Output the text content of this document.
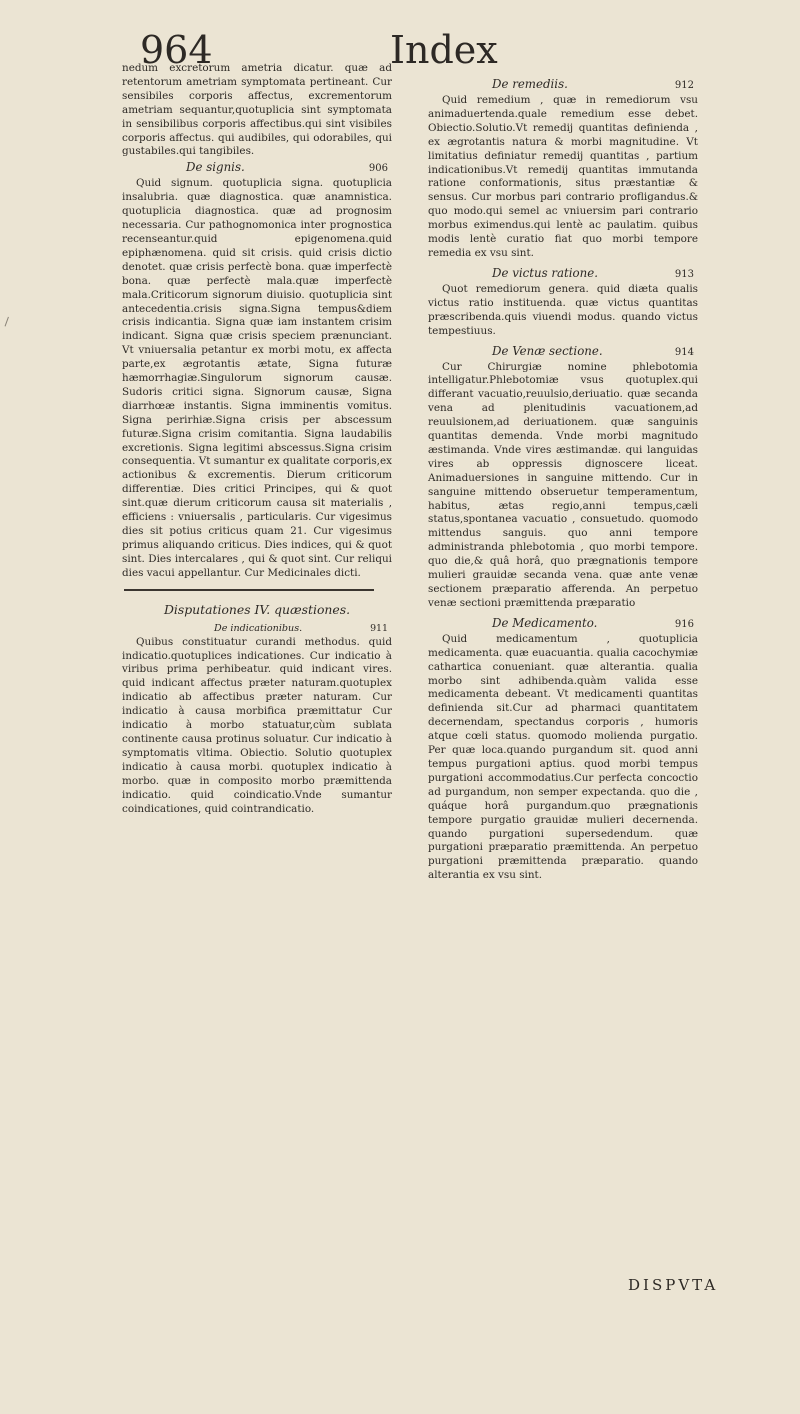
964	Index

nedum excretorum ametria dicatur. quæ ad retentorum ametriam symptomata pertineant. Cur sensibiles corporis affectus, excrementorum ametriam sequantur,quotuplicia sint symptomata in sensibilibus corporis affectibus.qui sint visibiles corporis affectus. qui audibiles, qui odorabiles, qui gustabiles.qui tangibiles.

De signis.	906

Quid signum. quotuplicia signa. quotuplicia insalubria. quæ diagnostica. quæ anamnistica. quotuplicia diagnostica. quæ ad prognosim necessaria. Cur pathognomonica inter prognostica recenseantur.quid epigenomena.quid epiphænomena. quid sit crisis. quid crisis dictio denotet. quæ crisis perfectè bona. quæ imperfectè bona. quæ perfectè mala.quæ imperfectè mala.Criticorum signorum diuisio. quotuplicia sint antecedentia.crisis signa.Signa tempus&diem crisis indicantia. Signa quæ iam instantem crisim indicant. Signa quæ crisis speciem prænunciant. Vt vniuersalia petantur ex morbi motu, ex affecta parte,ex ægrotantis ætate, Signa futuræ hæmorrhagiæ.Singulorum signorum causæ. Sudoris critici signa. Signorum causæ, Signa diarrhœæ instantis. Signa imminentis vomitus. Signa perirhiæ.Signa crisis per abscessum futuræ.Signa crisim comitantia. Signa laudabilis excretionis. Signa legitimi abscessus.Signa crisim consequentia. Vt sumantur ex qualitate corporis,ex actionibus & excrementis. Dierum criticorum differentiæ. Dies critici Principes, qui & quot sint.quæ dierum criticorum causa sit materialis , efficiens : vniuersalis , particularis. Cur vigesimus dies sit potius criticus quam 21. Cur vigesimus primus aliquando criticus. Dies indices, qui & quot sint. Dies intercalares , qui & quot sint. Cur reliqui dies vacui appellantur. Cur Medicinales dicti.

Disputationes IV. quæstiones.
De indicationibus.	911

Quibus constituatur curandi methodus. quid indicatio.quotuplices indicationes. Cur indicatio à viribus prima perhibeatur. quid indicant vires. quid indicant affectus præter naturam.quotuplex indicatio ab affectibus præter naturam. Cur indicatio à causa morbifica præmittatur Cur indicatio à morbo statuatur,cùm sublata continente causa protinus soluatur. Cur indicatio à symptomatis vltima. Obiectio. Solutio quotuplex indicatio à causa morbi. quotuplex indicatio à morbo. quæ in composito morbo præmittenda indicatio. quid coindicatio.Vnde sumantur coindicationes, quid cointrandicatio.

De remediis.	912

Quid remedium , quæ in remediorum vsu animaduertenda.quale remedium esse debet. Obiectio.Solutio.Vt remedij quantitas definienda , ex ægrotantis natura & morbi magnitudine. Vt limitatius definiatur remedij quantitas , partium indicationibus.Vt remedij quantitas immutanda ratione conformationis, situs præstantiæ & sensus. Cur morbus pari contrario profligandus.& quo modo.qui semel ac vniuersim pari contrario morbus eximendus.qui lentè ac paulatim. quibus modis lentè curatio fiat quo morbi tempore remedia ex vsu sint.

De victus ratione.	913

Quot remediorum genera. quid diæta qualis victus ratio instituenda. quæ victus quantitas præscribenda.quis viuendi modus. quando victus tempestiuus.

De Venæ sectione.	914

Cur Chirurgiæ nomine phlebotomia intelligatur.Phlebotomiæ vsus quotuplex.qui differant vacuatio,reuulsio,deriuatio. quæ secanda vena ad plenitudinis vacuationem,ad reuulsionem,ad deriuationem. quæ sanguinis quantitas demenda. Vnde morbi magnitudo æstimanda. Vnde vires æstimandæ. qui languidas vires ab oppressis dignoscere liceat. Animaduersiones in sanguine mittendo. Cur in sanguine mittendo obseruetur temperamentum, habitus, ætas regio,anni tempus,cæli status,spontanea vacuatio , consuetudo. quomodo mittendus sanguis. quo anni tempore administranda phlebotomia , quo morbi tempore. quo die,& quâ horâ, quo prægnationis tempore mulieri grauidæ secanda vena. quæ ante venæ sectionem præparatio afferenda. An perpetuo venæ sectioni præmittenda præparatio

De Medicamento.	916

Quid medicamentum , quotuplicia medicamenta. quæ euacuantia. qualia cacochymiæ cathartica conueniant. quæ alterantia. qualia morbo sint adhibenda.quàm valida esse medicamenta debeant. Vt medicamenti quantitas definienda sit.Cur ad pharmaci quantitatem decernendam, spectandus corporis , humoris atque cœli status. quomodo molienda purgatio. Per quæ loca.quando purgandum sit. quod anni tempus purgationi aptius. quod morbi tempus purgationi accommodatius.Cur perfecta concoctio ad purgandum, non semper expectanda. quo die , quáque horâ purgandum.quo prægnationis tempore purgatio grauidæ mulieri decernenda. quando purgationi supersedendum. quæ purgationi præparatio præmittenda. An perpetuo purgationi præmittenda præparatio. quando alterantia ex vsu sint.

DISPVTA
